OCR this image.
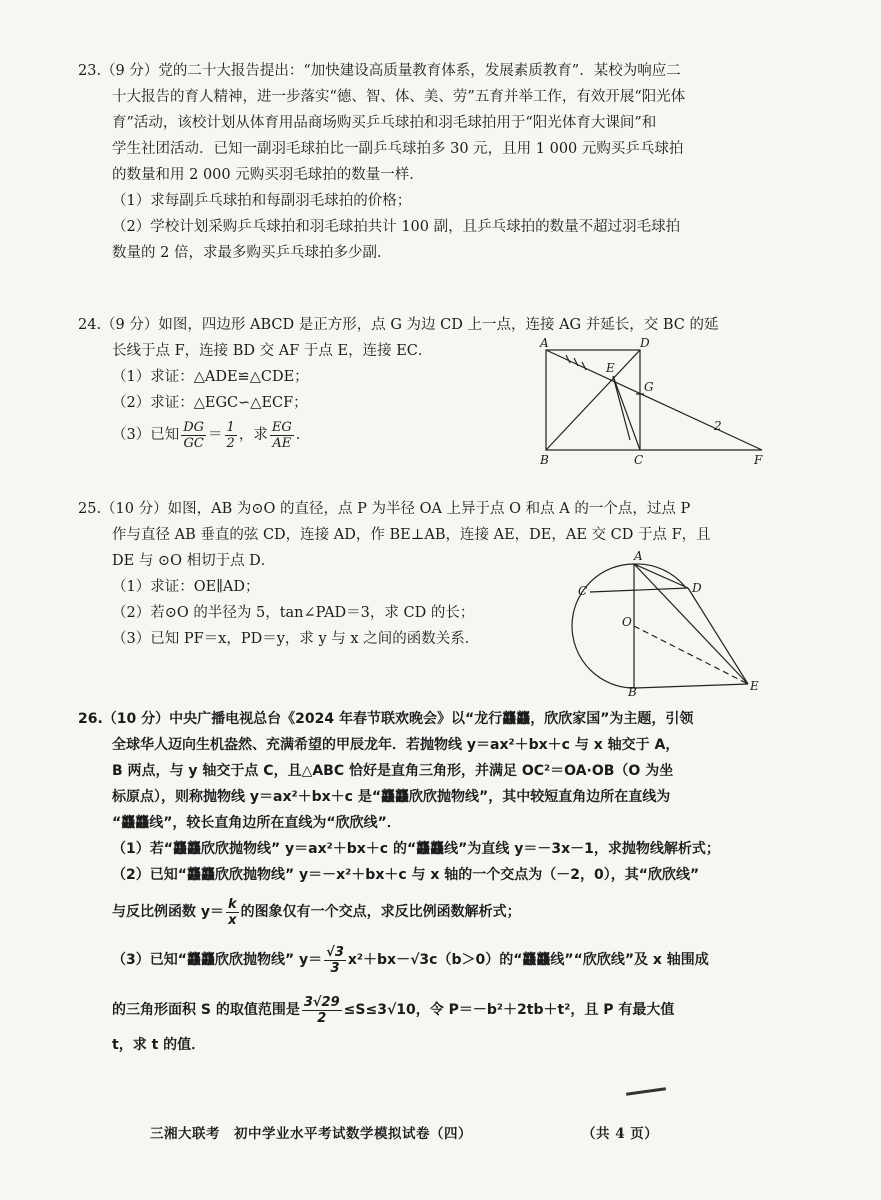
23.（9 分）党的二十大报告提出：“加快建设高质量教育体系，发展素质教育”．某校为响应二
十大报告的育人精神，进一步落实“德、智、体、美、劳”五育并举工作，有效开展“阳光体
育”活动，该校计划从体育用品商场购买乒乓球拍和羽毛球拍用于“阳光体育大课间”和
学生社团活动．已知一副羽毛球拍比一副乒乓球拍多 30 元，且用 1 000 元购买乒乓球拍
的数量和用 2 000 元购买羽毛球拍的数量一样．
（1）求每副乒乓球拍和每副羽毛球拍的价格；
（2）学校计划采购乒乓球拍和羽毛球拍共计 100 副，且乒乓球拍的数量不超过羽毛球拍
数量的 2 倍，求最多购买乒乓球拍多少副．
24.（9 分）如图，四边形 ABCD 是正方形，点 G 为边 CD 上一点，连接 AG 并延长，交 BC 的延
长线于点 F，连接 BD 交 AF 于点 E，连接 EC．
（1）求证：△ADE≌△CDE；
（2）求证：△EGC∽△ECF；
（3）已知 $\frac{DG}{GC} = \frac{1}{2}$ ，求 $\frac{EG}{AE}$ ．
A	D
E
G
B	C	F
2
25.（10 分）如图，AB 为⊙O 的直径，点 P 为半径 OA 上异于点 O 和点 A 的一个点，过点 P
作与直径 AB 垂直的弦 CD，连接 AD，作 BE⊥AB，连接 AE，DE，AE 交 CD 于点 F，且
DE 与 ⊙O 相切于点 D．
（1）求证：OE∥AD；
（2）若⊙O 的半径为 5，tan∠PAD＝3，求 CD 的长；
（3）已知 PF＝x，PD＝y，求 y 与 x 之间的函数关系．
A
C	D
O
B	E
26.（10 分）中央广播电视总台《2024 年春节联欢晚会》以“龙行龘龘，欣欣家国”为主题，引领
全球华人迈向生机盎然、充满希望的甲辰龙年．若抛物线 y＝ax²＋bx＋c 与 x 轴交于 A，
B 两点，与 y 轴交于点 C，且△ABC 恰好是直角三角形，并满足 OC²＝OA·OB（O 为坐
标原点），则称抛物线 y＝ax²＋bx＋c 是“龘龘欣欣抛物线”，其中较短直角边所在直线为
“龘龘线”，较长直角边所在直线为“欣欣线”．
（1）若“龘龘欣欣抛物线” y＝ax²＋bx＋c 的“龘龘线”为直线 y＝－3x－1，求抛物线解析式；
（2）已知“龘龘欣欣抛物线” y＝－x²＋bx＋c 与 x 轴的一个交点为（－2，0），其“欣欣线”
与反比例函数 $y= \frac{k}{x}$ 的图象仅有一个交点，求反比例函数解析式；
（3）已知“龘龘欣欣抛物线” $y= \frac{√3}{3} x^2+bx-√3c(b>0)$的“龘龘线”“欣欣线”及 x 轴围成
的三角形面积 S 的取值范围是 $\frac{3√29}{2} \le S\le 3√10$，令 P＝－b²＋2tb＋t²，且 P 有最大值
t，求 t 的值．
三湘大联考　初中学业水平考试数学模拟试卷（四）	（共 4 页）
